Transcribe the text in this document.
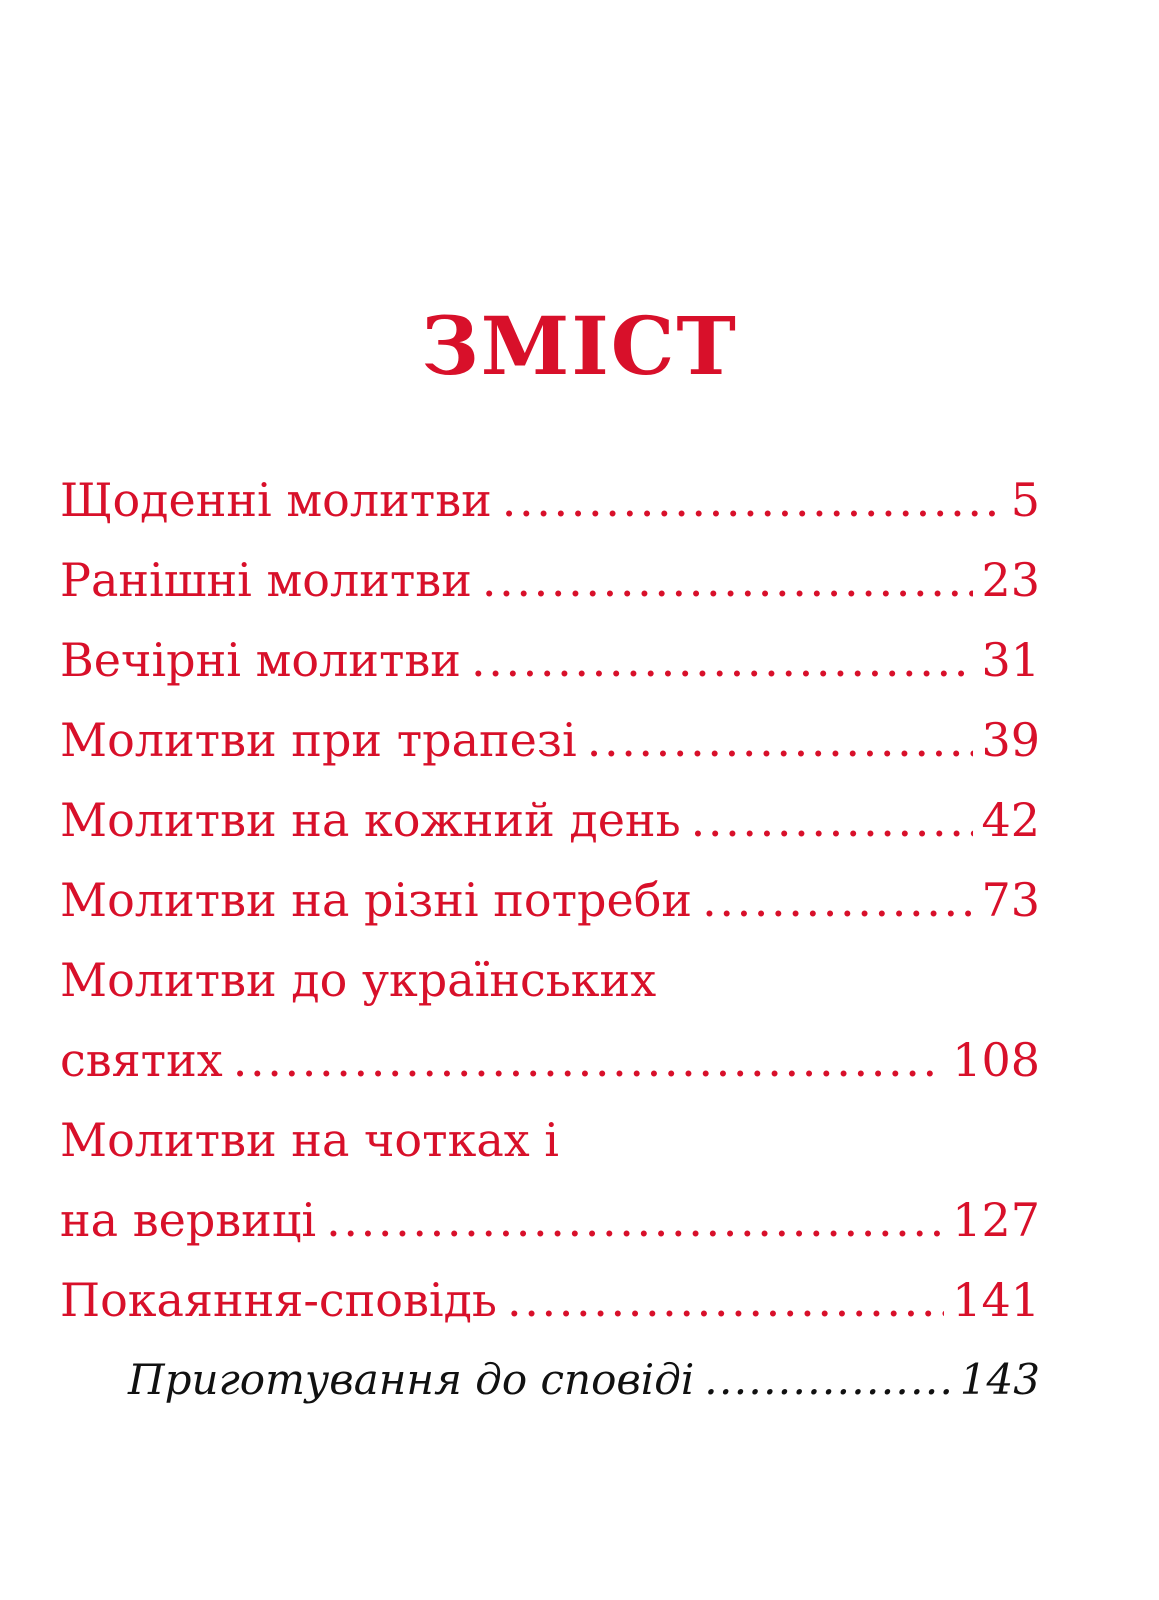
ЗМІСТ
Щоденні молитви . . .	5
Ранішні молитви . . .	23
Вечірні молитви . . .	31
Молитви при трапезі . . .	39
Молитви на кожний день . . .	42
Молитви на різні потреби . . .	73
Молитви до українських
святих . . .	108
Молитви на чотках і
на вервиці . . .	127
Покаяння-сповідь . . .	141
Приготування до сповіді . . .	143
